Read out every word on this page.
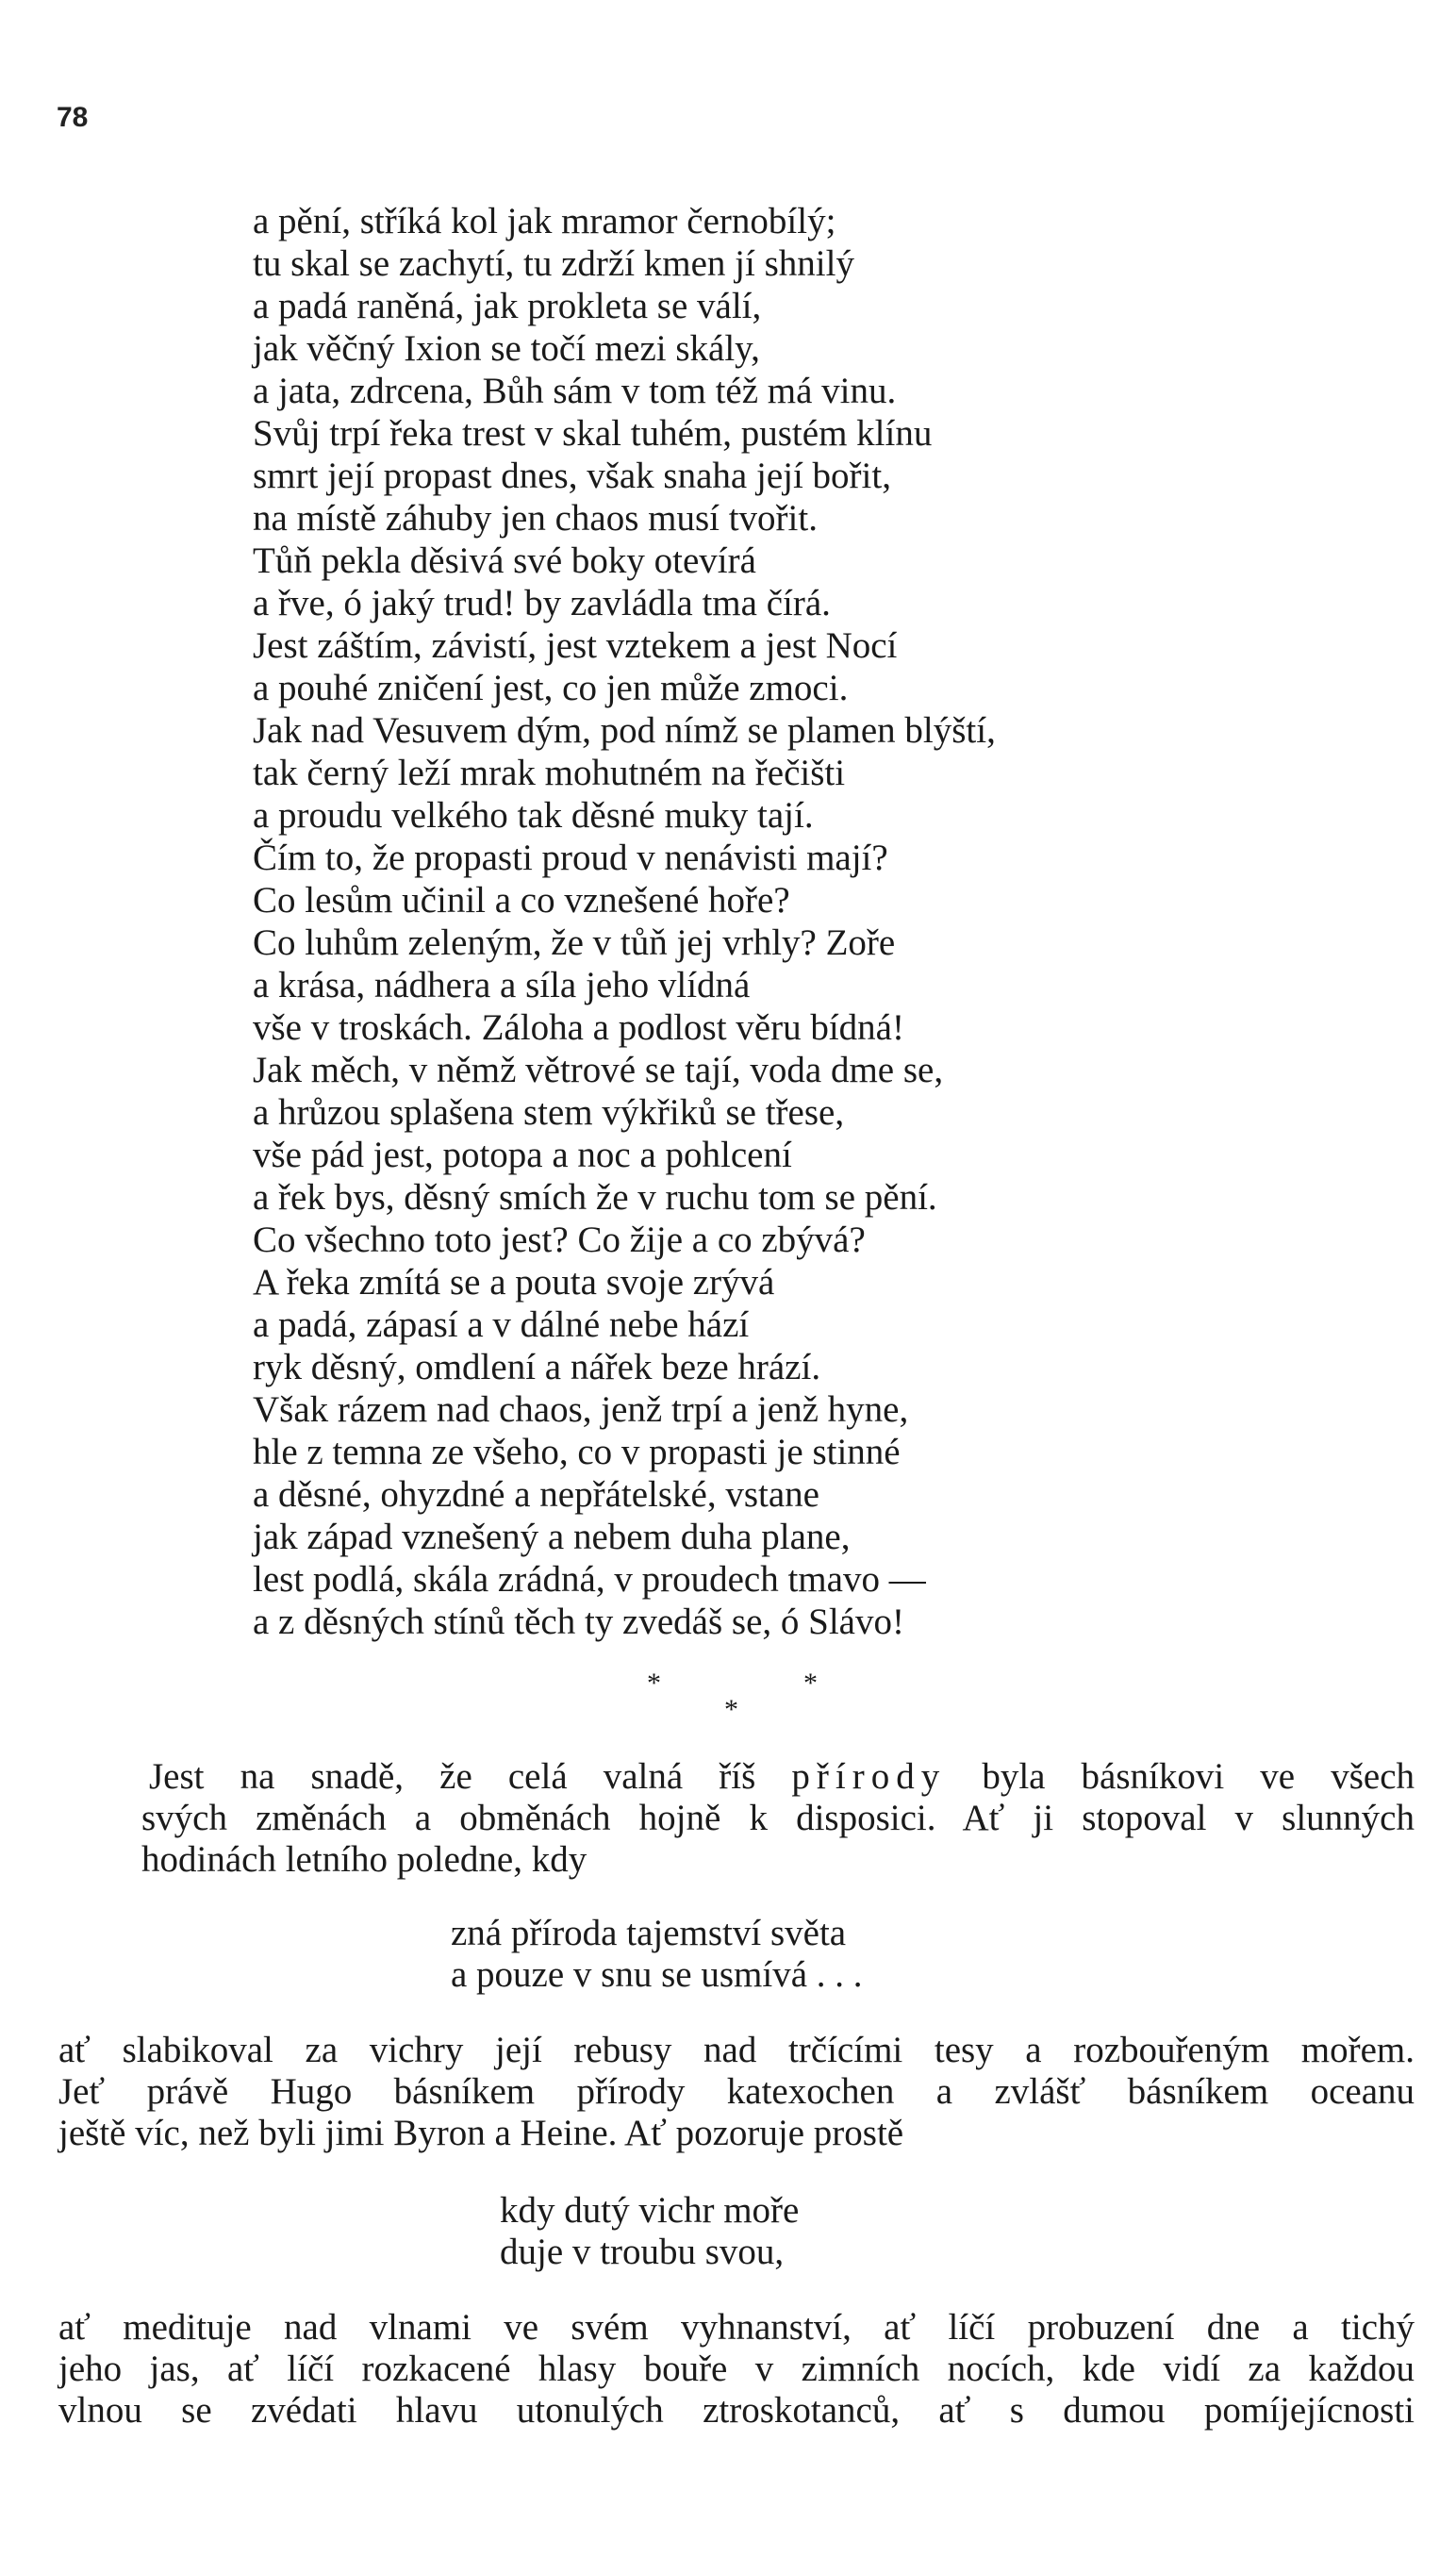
78
a pění, stříká kol jak mramor černobílý;
tu skal se zachytí, tu zdrží kmen jí shnilý
a padá raněná, jak prokleta se válí,
jak věčný Ixion se točí mezi skály,
a jata, zdrcena, Bůh sám v tom též má vinu.
Svůj trpí řeka trest v skal tuhém, pustém klínu
smrt její propast dnes, však snaha její bořit,
na místě záhuby jen chaos musí tvořit.
Tůň pekla děsivá své boky otevírá
a řve, ó jaký trud! by zavládla tma čírá.
Jest záštím, závistí, jest vztekem a jest Nocí
a pouhé zničení jest, co jen může zmoci.
Jak nad Vesuvem dým, pod nímž se plamen blýští,
tak černý leží mrak mohutném na řečišti
a proudu velkého tak děsné muky tají.
Čím to, že propasti proud v nenávisti mají?
Co lesům učinil a co vznešené hoře?
Co luhům zeleným, že v tůň jej vrhly? Zoře
a krása, nádhera a síla jeho vlídná
vše v troskách. Záloha a podlost věru bídná!
Jak měch, v němž větrové se tají, voda dme se,
a hrůzou splašena stem výkřiků se třese,
vše pád jest, potopa a noc a pohlcení
a řek bys, děsný smích že v ruchu tom se pění.
Co všechno toto jest? Co žije a co zbývá?
A řeka zmítá se a pouta svoje zrývá
a padá, zápasí a v dálné nebe hází
ryk děsný, omdlení a nářek beze hrází.
Však rázem nad chaos, jenž trpí a jenž hyne,
hle z temna ze všeho, co v propasti je stinné
a děsné, ohyzdné a nepřátelské, vstane
jak západ vznešený a nebem duha plane,
lest podlá, skála zrádná, v proudech tmavo —
a z děsných stínů těch ty zvedáš se, ó Slávo!
*	*
*
Jest na snadě, že celá valná říš přírody byla básníkovi ve všech
svých změnách a obměnách hojně k disposici. Ať ji stopoval v slunných
hodinách letního poledne, kdy
zná příroda tajemství světa
a pouze v snu se usmívá . . .
ať slabikoval za vichry její rebusy nad trčícími tesy a rozbouřeným mořem.
Jeť právě Hugo básníkem přírody katexochen a zvlášť básníkem oceanu
ještě víc, než byli jimi Byron a Heine. Ať pozoruje prostě
kdy dutý vichr moře
duje v troubu svou,
ať medituje nad vlnami ve svém vyhnanství, ať líčí probuzení dne a tichý
jeho jas, ať líčí rozkacené hlasy bouře v zimních nocích, kde vidí za každou
vlnou se zvédati hlavu utonulých ztroskotanců, ať s dumou pomíjejícnosti
